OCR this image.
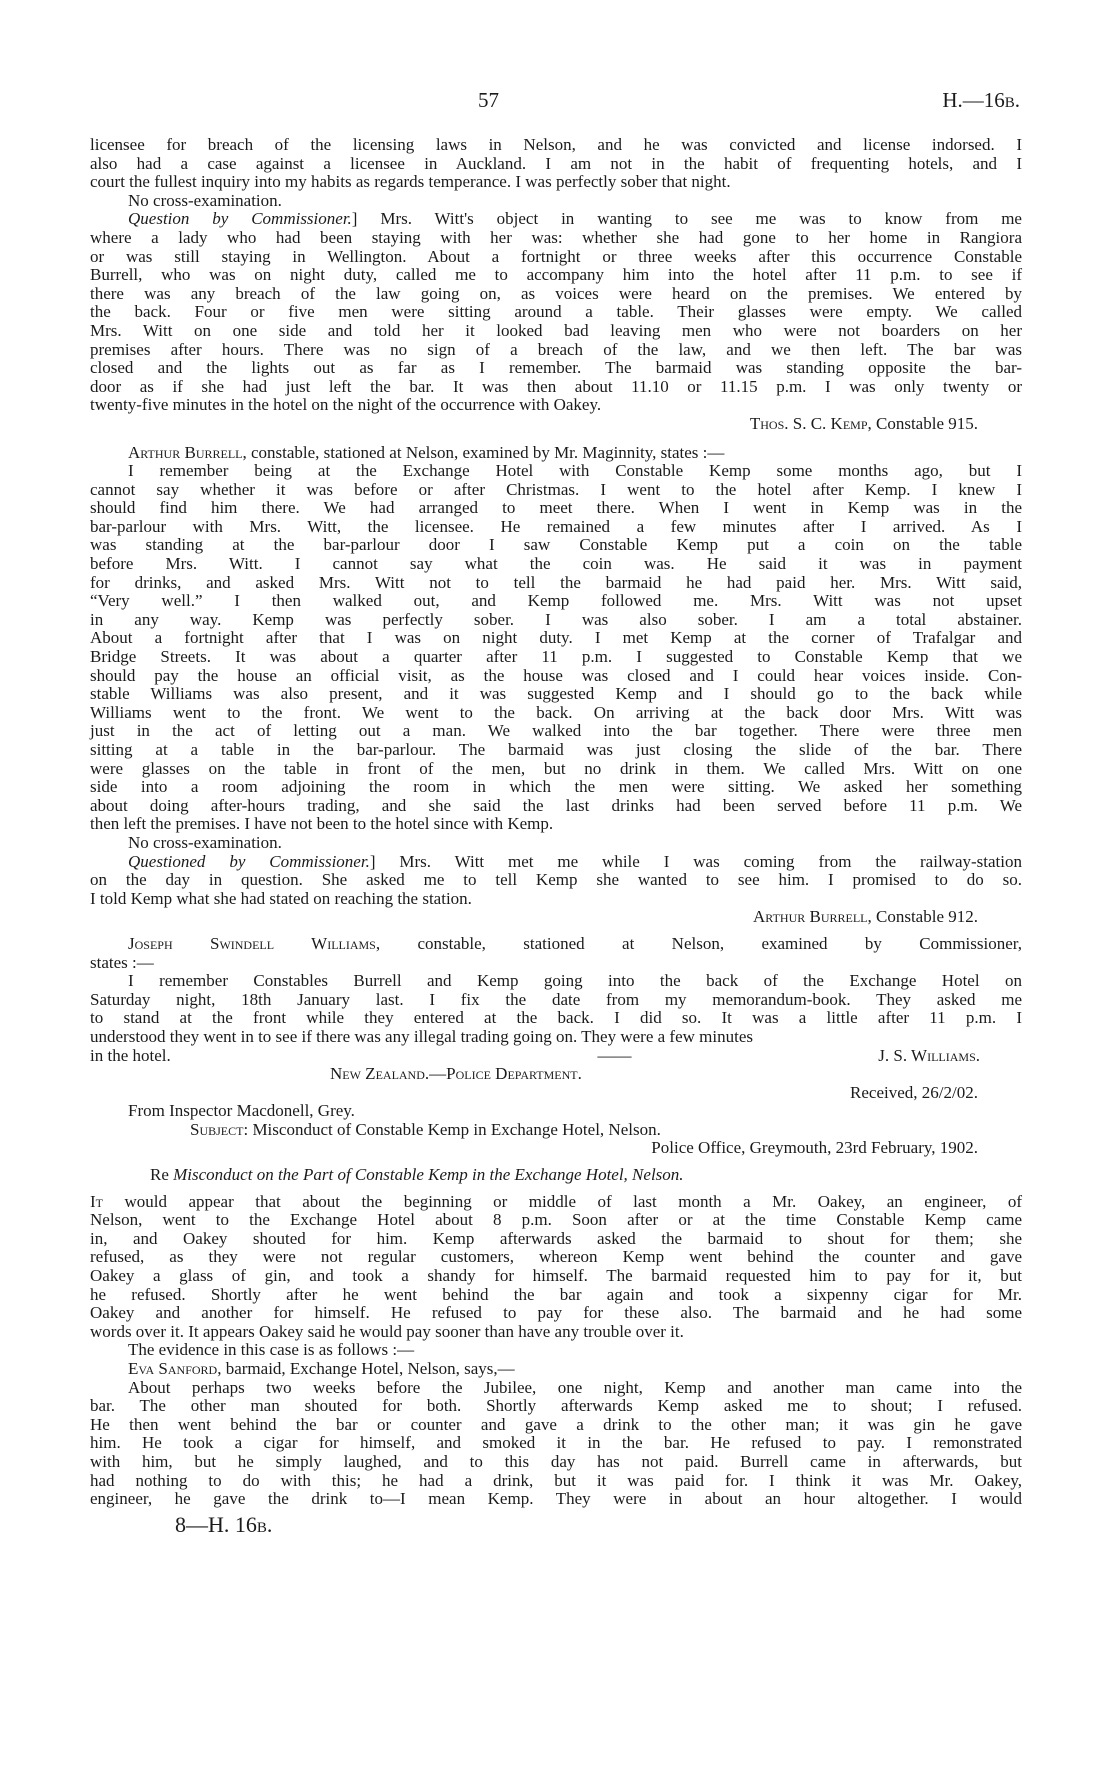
57	H.—16b.
licensee for breach of the licensing laws in Nelson, and he was convicted and license indorsed. I
also had a case against a licensee in Auckland. I am not in the habit of frequenting hotels, and I
court the fullest inquiry into my habits as regards temperance. I was perfectly sober that night.
No cross-examination.
Question by Commissioner.] Mrs. Witt's object in wanting to see me was to know from me
where a lady who had been staying with her was: whether she had gone to her home in Rangiora
or was still staying in Wellington. About a fortnight or three weeks after this occurrence Constable
Burrell, who was on night duty, called me to accompany him into the hotel after 11 p.m. to see if
there was any breach of the law going on, as voices were heard on the premises. We entered by
the back. Four or five men were sitting around a table. Their glasses were empty. We called
Mrs. Witt on one side and told her it looked bad leaving men who were not boarders on her
premises after hours. There was no sign of a breach of the law, and we then left. The bar was
closed and the lights out as far as I remember. The barmaid was standing opposite the bar-
door as if she had just left the bar. It was then about 11.10 or 11.15 p.m. I was only twenty or
twenty-five minutes in the hotel on the night of the occurrence with Oakey.
Thos. S. C. Kemp, Constable 915.
Arthur Burrell, constable, stationed at Nelson, examined by Mr. Maginnity, states :—
I remember being at the Exchange Hotel with Constable Kemp some months ago, but I
cannot say whether it was before or after Christmas. I went to the hotel after Kemp. I knew I
should find him there. We had arranged to meet there. When I went in Kemp was in the
bar-parlour with Mrs. Witt, the licensee. He remained a few minutes after I arrived. As I
was standing at the bar-parlour door I saw Constable Kemp put a coin on the table
before Mrs. Witt. I cannot say what the coin was. He said it was in payment
for drinks, and asked Mrs. Witt not to tell the barmaid he had paid her. Mrs. Witt said,
“Very well.” I then walked out, and Kemp followed me. Mrs. Witt was not upset
in any way. Kemp was perfectly sober. I was also sober. I am a total abstainer.
About a fortnight after that I was on night duty. I met Kemp at the corner of Trafalgar and
Bridge Streets. It was about a quarter after 11 p.m. I suggested to Constable Kemp that we
should pay the house an official visit, as the house was closed and I could hear voices inside. Con-
stable Williams was also present, and it was suggested Kemp and I should go to the back while
Williams went to the front. We went to the back. On arriving at the back door Mrs. Witt was
just in the act of letting out a man. We walked into the bar together. There were three men
sitting at a table in the bar-parlour. The barmaid was just closing the slide of the bar. There
were glasses on the table in front of the men, but no drink in them. We called Mrs. Witt on one
side into a room adjoining the room in which the men were sitting. We asked her something
about doing after-hours trading, and she said the last drinks had been served before 11 p.m. We
then left the premises. I have not been to the hotel since with Kemp.
No cross-examination.
Questioned by Commissioner.] Mrs. Witt met me while I was coming from the railway-station
on the day in question. She asked me to tell Kemp she wanted to see him. I promised to do so.
I told Kemp what she had stated on reaching the station.
Arthur Burrell, Constable 912.
Joseph Swindell Williams, constable, stationed at Nelson, examined by Commissioner,
states :—
I remember Constables Burrell and Kemp going into the back of the Exchange Hotel on
Saturday night, 18th January last. I fix the date from my memorandum-book. They asked me
to stand at the front while they entered at the back. I did so. It was a little after 11 p.m. I
understood they went in to see if there was any illegal trading going on. They were a few minutes
in the hotel.	——	J. S. Williams.
New Zealand.—Police Department.
Received, 26/2/02.
From Inspector Macdonell, Grey.
Subject: Misconduct of Constable Kemp in Exchange Hotel, Nelson.
Police Office, Greymouth, 23rd February, 1902.
Re Misconduct on the Part of Constable Kemp in the Exchange Hotel, Nelson.
It would appear that about the beginning or middle of last month a Mr. Oakey, an engineer, of
Nelson, went to the Exchange Hotel about 8 p.m. Soon after or at the time Constable Kemp came
in, and Oakey shouted for him. Kemp afterwards asked the barmaid to shout for them; she
refused, as they were not regular customers, whereon Kemp went behind the counter and gave
Oakey a glass of gin, and took a shandy for himself. The barmaid requested him to pay for it, but
he refused. Shortly after he went behind the bar again and took a sixpenny cigar for Mr.
Oakey and another for himself. He refused to pay for these also. The barmaid and he had some
words over it. It appears Oakey said he would pay sooner than have any trouble over it.
The evidence in this case is as follows :—
Eva Sanford, barmaid, Exchange Hotel, Nelson, says,—
About perhaps two weeks before the Jubilee, one night, Kemp and another man came into the
bar. The other man shouted for both. Shortly afterwards Kemp asked me to shout; I refused.
He then went behind the bar or counter and gave a drink to the other man; it was gin he gave
him. He took a cigar for himself, and smoked it in the bar. He refused to pay. I remonstrated
with him, but he simply laughed, and to this day has not paid. Burrell came in afterwards, but
had nothing to do with this; he had a drink, but it was paid for. I think it was Mr. Oakey,
engineer, he gave the drink to—I mean Kemp. They were in about an hour altogether. I would
8—H. 16b.
